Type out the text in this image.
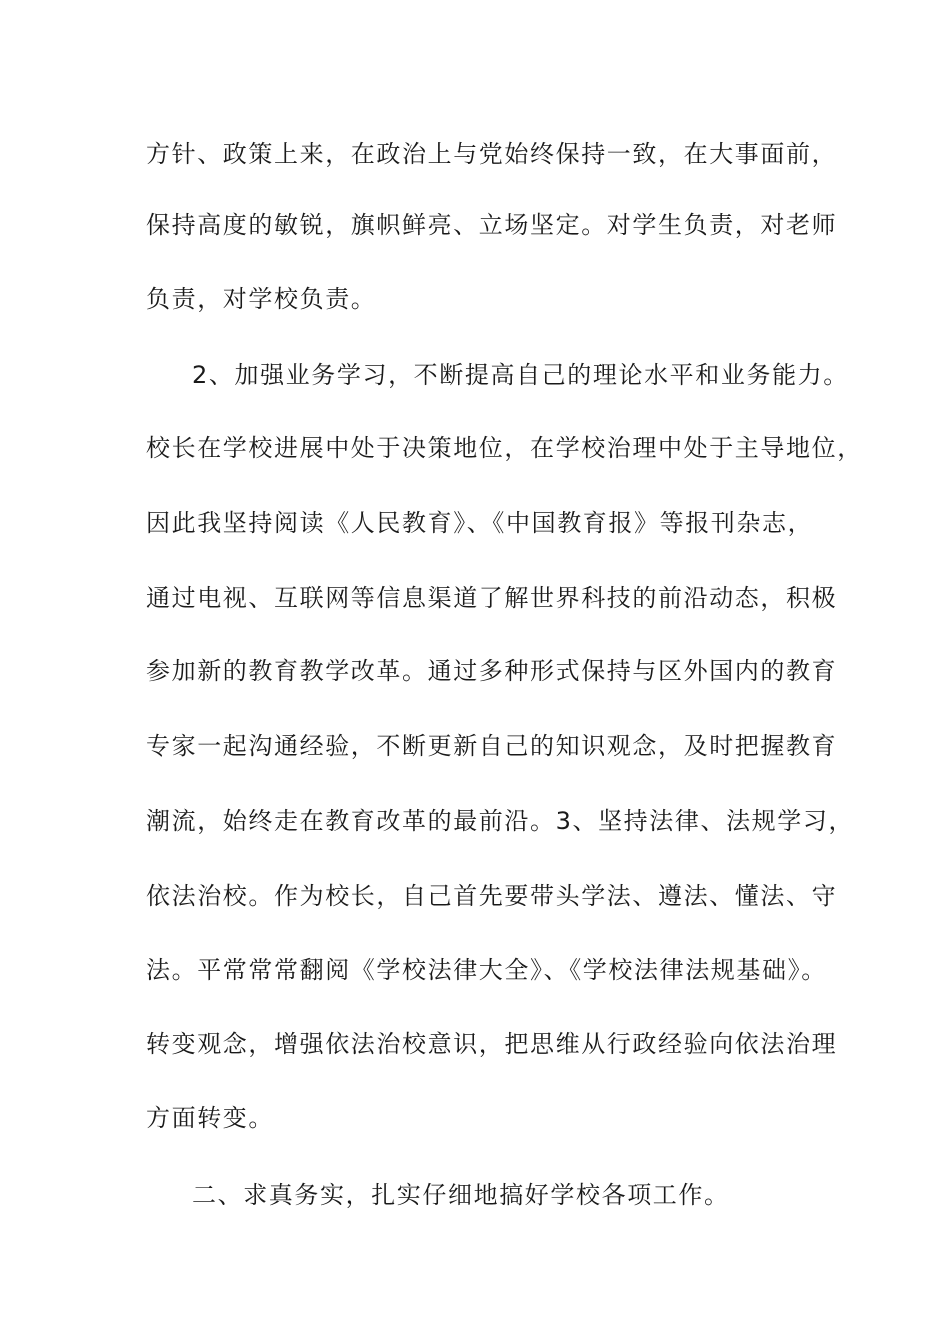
方针、政策上来，在政治上与党始终保持一致，在大事面前，
保持高度的敏锐，旗帜鲜亮、立场坚定。对学生负责，对老师
负责，对学校负责。
2、加强业务学习，不断提高自己的理论水平和业务能力。
校长在学校进展中处于决策地位，在学校治理中处于主导地位，
因此我坚持阅读《人民教育》、《中国教育报》等报刊杂志，
通过电视、互联网等信息渠道了解世界科技的前沿动态，积极
参加新的教育教学改革。通过多种形式保持与区外国内的教育
专家一起沟通经验，不断更新自己的知识观念，及时把握教育
潮流，始终走在教育改革的最前沿。3、坚持法律、法规学习，
依法治校。作为校长，自己首先要带头学法、遵法、懂法、守
法。平常常常翻阅《学校法律大全》、《学校法律法规基础》。
转变观念，增强依法治校意识，把思维从行政经验向依法治理
方面转变。
二、求真务实，扎实仔细地搞好学校各项工作。
